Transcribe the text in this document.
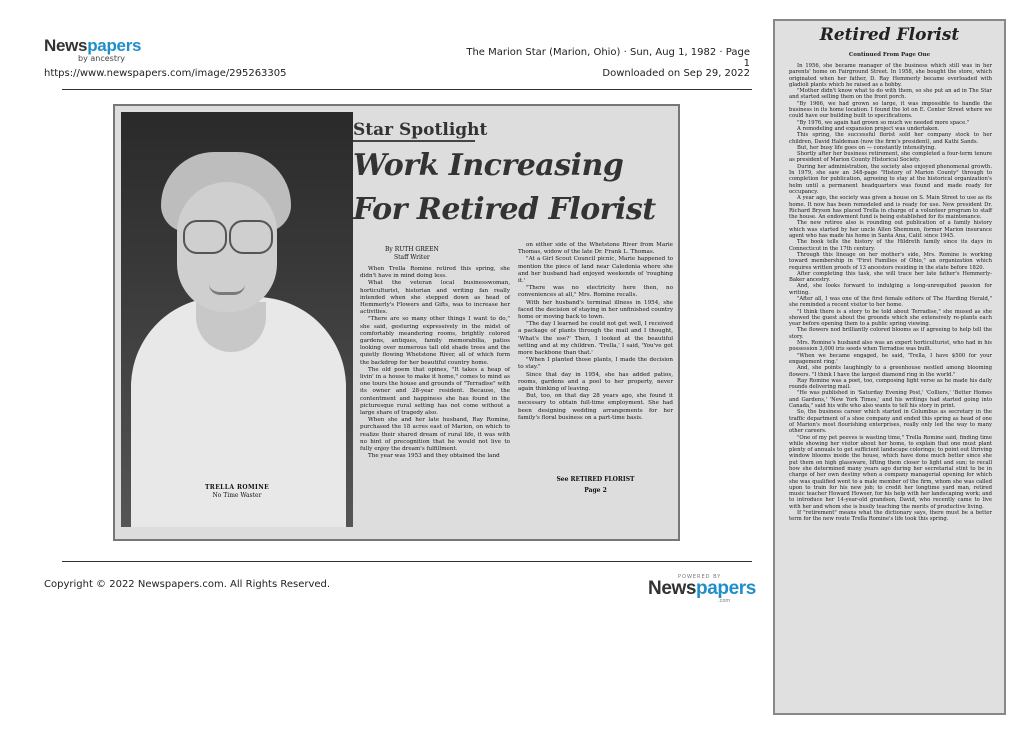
Newspapers
by ancestry
https://www.newspapers.com/image/295263305
The Marion Star (Marion, Ohio) · Sun, Aug 1, 1982 · Page 1
Downloaded on Sep 29, 2022
TRELLA ROMINE
No Time Waster
Star Spotlight
Work Increasing
For Retired Florist
By RUTH GREEN
Staff Writer

When Trella Romine retired this spring, she didn't have in mind doing less.

What the veteran local businesswoman, horticulturist, historian and writing fan really intended when she stepped down as head of Hemmerly's Flowers and Gifts, was to increase her activities.

"There are so many other things I want to do," she said, gesturing expressively in the midst of comfortably meandering rooms, brightly colored gardens, antiques, family memorabilia, patios looking over numerous tall old shade trees and the quietly flowing Whetstone River, all of which form the backdrop for her beautiful country home.

The old poem that opines, "It takes a heap of livin' in a house to make it home," comes to mind as one tours the house and grounds of "Terradise" with its owner and 28-year resident. Because, the contentment and happiness she has found in the picturesque rural setting has not come without a large share of tragedy also.

When she and her late husband, Ray Romine, purchased the 18 acres east of Marion, on which to realize their shared dream of rural life, it was with no hint of precognition that he would not live to fully enjoy the dream's fulfillment.

The year was 1953 and they obtained the land

on either side of the Whetstone River from Marie Thomas, widow of the late Dr. Frank L. Thomas.

"At a Girl Scout Council picnic, Marie happened to mention the piece of land near Caledonia where she and her husband had enjoyed weekends of 'roughing it.'

"There was no electricity here then, no conveniences at all," Mrs. Romine recalls.

With her husband's terminal illness in 1954, she faced the decision of staying in her unfinished country home or moving back to town.

"The day I learned he could not get well, I received a package of plants through the mail and I thought, 'What's the use?' Then, I looked at the beautiful setting and at my children. 'Trella,' I said, 'You've got more backbone than that.'

"When I planted those plants, I made the decision to stay."

Since that day in 1954, she has added patios, rooms, gardens and a pool to her property, never again thinking of leaving.

But, too, on that day 28 years ago, she found it necessary to obtain full-time employment. She had been designing wedding arrangements for her family's floral business on a part-time basis.

See RETIRED FLORIST
Page 2
Retired Florist
Continued From Page One

In 1956, she became manager of the business which still was in her parents' home on Fairground Street. In 1958, she bought the store, which originated when her father, D. Ray Hemmerly became overloaded with gladioli plants which he raised as a hobby.

"Mother didn't know what to do with them, so she put an ad in The Star and started selling them on the front porch.

"By 1966, we had grown so large, it was impossible to handle the business in its home location. I found the lot on E. Center Street where we could have our building built to specifications.

"By 1976, we again had grown so much we needed more space."

A remodeling and expansion project was undertaken.

This spring, the successful florist sold her company stock to her children, David Haldeman (now the firm's president), and Kathi Sands.

But, her busy life goes on — constantly intensifying.

Shortly after her business retirement, she completed a four-term tenure as president of Marion County Historical Society.

During her administration, the society also enjoyed phenomenal growth. In 1979, she saw an 348-page "History of Marion County" through to completion for publication, agreeing to stay at the historical organization's helm until a permanent headquarters was found and made ready for occupancy.

A year ago, the society was given a house on S. Main Street to use as its home. It now has been remodeled and is ready for use. New president Dr. Richard Bryson has placed Trella in charge of a volunteer program to staff the house. An endowment fund is being established for its maintenance.

The new retiree also is rounding out publication of a family history which was started by her uncle Allen Shemmen, former Marion insurance agent who has made his home in Santa Ana, Calif. since 1945.

The book tells the history of the Hildreth family since its days in Connecticut in the 17th century.

Through this lineage on her mother's side, Mrs. Romine is working toward membership in "First Families of Ohio," an organization which requires written proofs of 13 ancestors residing in the state before 1820.

After completing this task, she will trace her late father's Hemmerly-Baker ancestry.

And, she looks forward to indulging a long-unrequited passion for writing.

"After all, I was one of the first female editors of The Harding Herald," she reminded a recent visitor to her home.

"I think there is a story to be told about Terradise," she mused as she showed the guest about the grounds which she extensively re-plants each year before opening them to a public spring viewing.

The flowers nod brilliantly colored blooms as if agreeing to help tell the story.

Mrs. Romine's husband also was an expert horticulturist, who had in his possession 3,000 iris seeds when Terradise was built.

"When we became engaged, he said, 'Trella, I have $500 for your engagement ring.'

And, she points laughingly to a greenhouse nestled among blooming flowers. "I think I have the largest diamond ring in the world."

Ray Romine was a poet, too, composing light verse as he made his daily rounds delivering mail.

"He was published in 'Saturday Evening Post,' 'Colliers,' 'Better Homes and Gardens,' 'New York Times,' and his writings had started going into Canada," said his wife who also wants to tell his story in print.

So, the business career which started in Columbus as secretary in the traffic department of a shoe company and ended this spring as head of one of Marion's most flourishing enterprises, really only led the way to many other careers.

"One of my pet peeves is wasting time," Trella Romine said, finding time while showing her visitor about her home, to explain that one must plant plenty of annuals to get sufficient landscape colorings; to point out thriving window blooms inside the house, which have done much better since she put them on high glassware, lifting them closer to light and sun; to recall how she determined many years ago during her secretarial stint to be in charge of her own destiny when a company managerial opening for which she was qualified went to a male member of the firm, whom she was called upon to train for his new job; to credit her longtime yard man, retired music teacher Howard Howser, for his help with her landscaping work; and to introduce her 14-year-old grandson, David, who recently came to live with her and whom she is busily teaching the merits of productive living.

If "retirement" means what the dictionary says, there must be a better term for the new route Trella Romine's life took this spring.

Copyright © 2022 Newspapers.com. All Rights Reserved.
POWERED BY
Newspapers
.com
